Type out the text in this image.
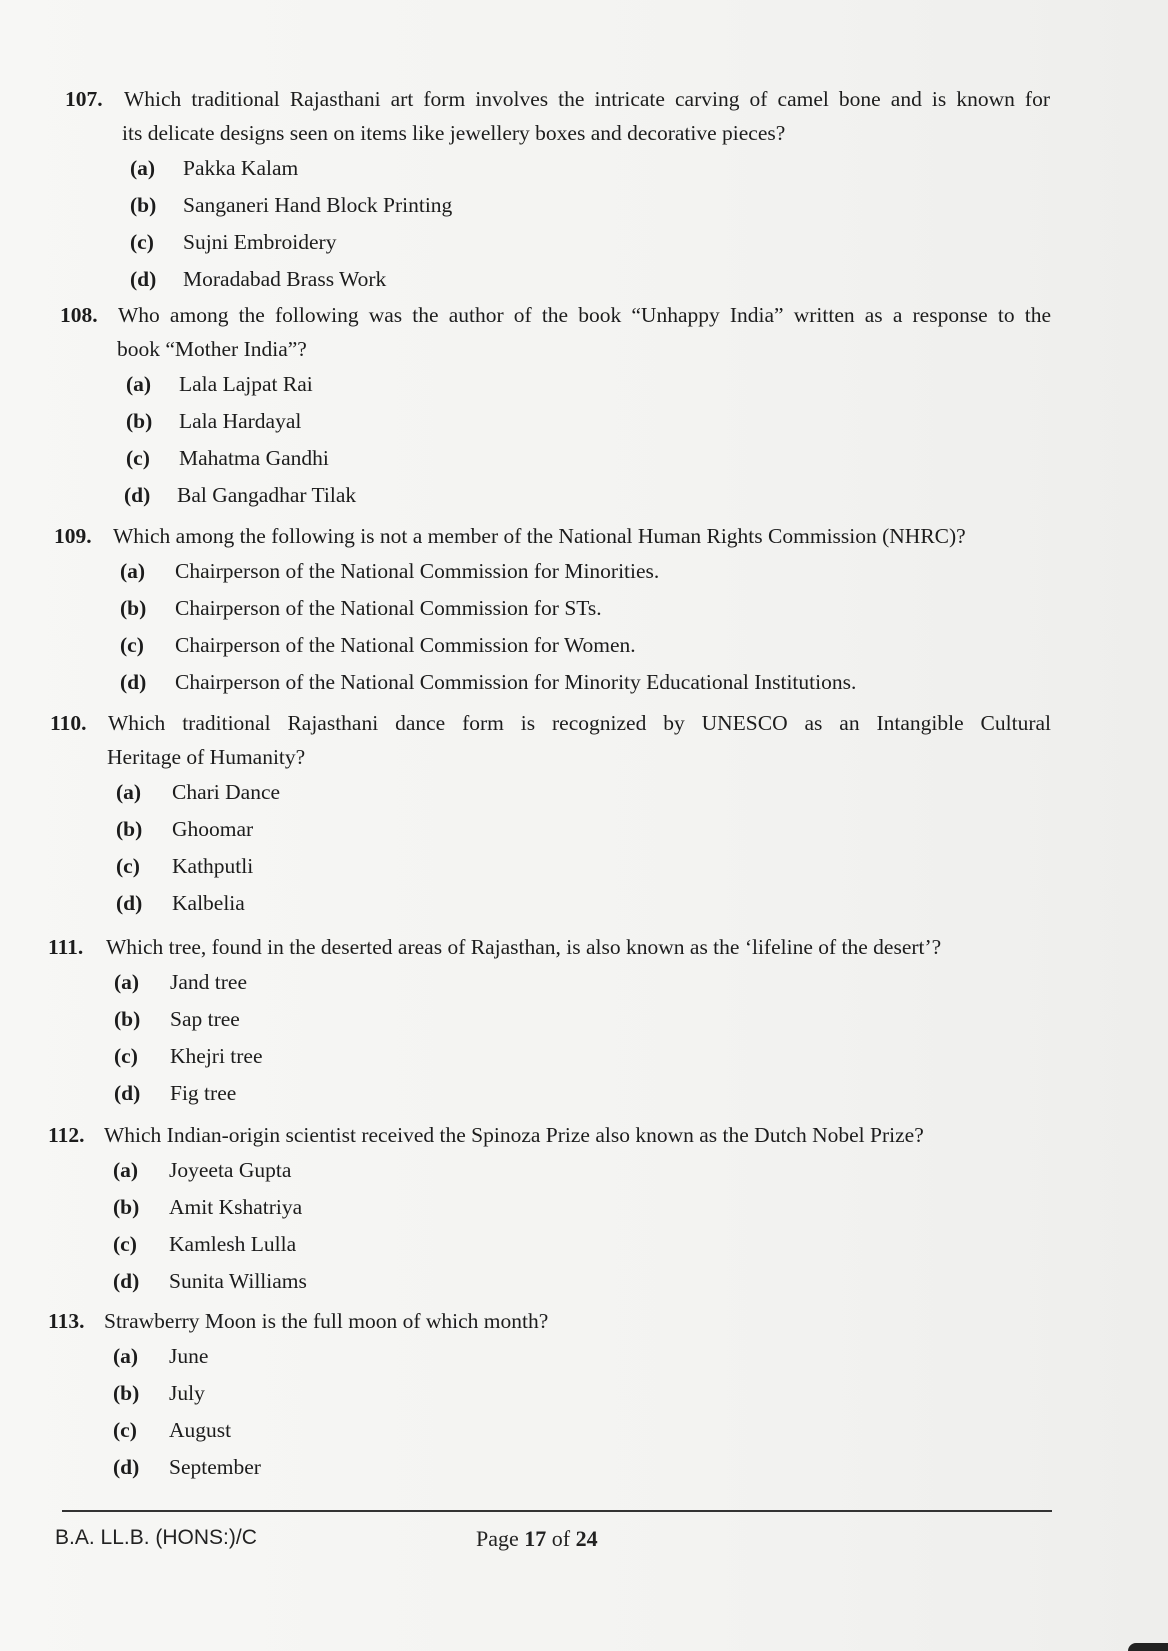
107. Which traditional Rajasthani art form involves the intricate carving of camel bone and is known for
its delicate designs seen on items like jewellery boxes and decorative pieces?
(a) Pakka Kalam
(b) Sanganeri Hand Block Printing
(c) Sujni Embroidery
(d) Moradabad Brass Work
108. Who among the following was the author of the book “Unhappy India” written as a response to the
book “Mother India”?
(a) Lala Lajpat Rai
(b) Lala Hardayal
(c) Mahatma Gandhi
(d) Bal Gangadhar Tilak
109. Which among the following is not a member of the National Human Rights Commission (NHRC)?
(a) Chairperson of the National Commission for Minorities.
(b) Chairperson of the National Commission for STs.
(c) Chairperson of the National Commission for Women.
(d) Chairperson of the National Commission for Minority Educational Institutions.
110. Which traditional Rajasthani dance form is recognized by UNESCO as an Intangible Cultural
Heritage of Humanity?
(a) Chari Dance
(b) Ghoomar
(c) Kathputli
(d) Kalbelia
111. Which tree, found in the deserted areas of Rajasthan, is also known as the ‘lifeline of the desert’?
(a) Jand tree
(b) Sap tree
(c) Khejri tree
(d) Fig tree
112. Which Indian-origin scientist received the Spinoza Prize also known as the Dutch Nobel Prize?
(a) Joyeeta Gupta
(b) Amit Kshatriya
(c) Kamlesh Lulla
(d) Sunita Williams
113. Strawberry Moon is the full moon of which month?
(a) June
(b) July
(c) August
(d) September
B.A. LL.B. (HONS:)/C	Page 17 of 24
